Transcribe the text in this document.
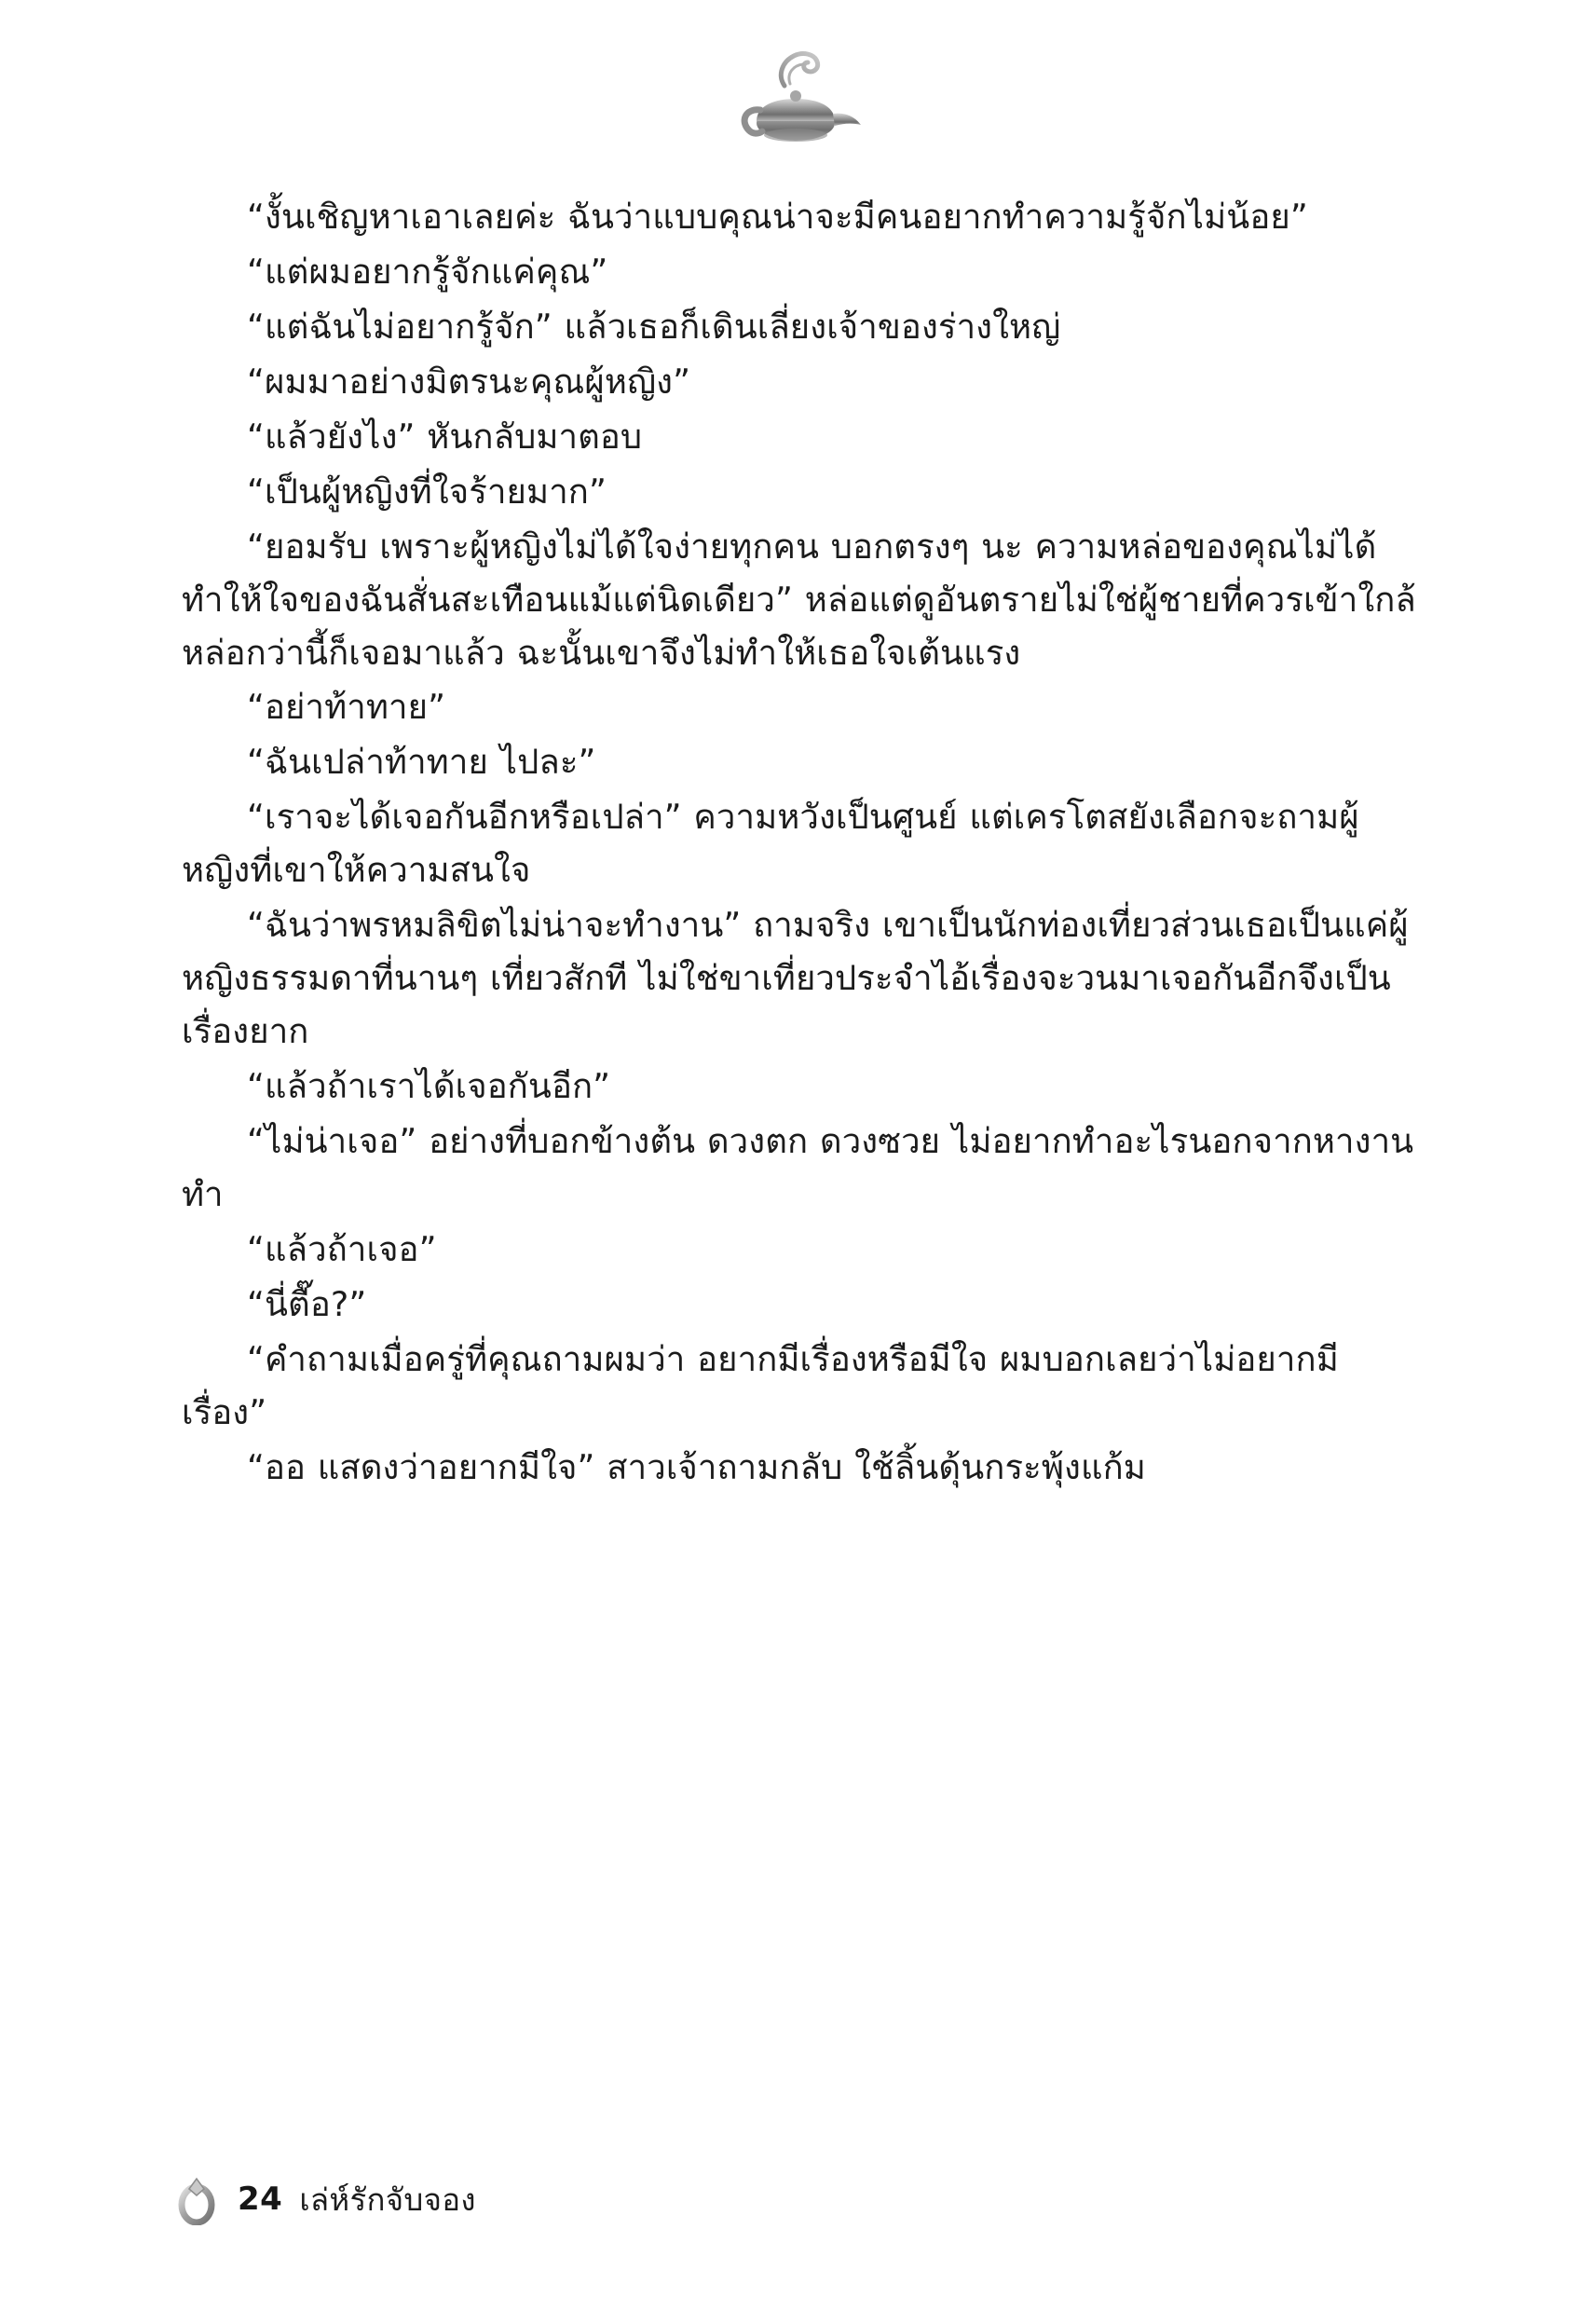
“งั้นเชิญหาเอาเลยค่ะ ฉันว่าแบบคุณน่าจะมีคนอยากทำความรู้จักไม่น้อย”

“แต่ผมอยากรู้จักแค่คุณ”

“แต่ฉันไม่อยากรู้จัก” แล้วเธอก็เดินเลี่ยงเจ้าของร่างใหญ่

“ผมมาอย่างมิตรนะคุณผู้หญิง”

“แล้วยังไง” หันกลับมาตอบ

“เป็นผู้หญิงที่ใจร้ายมาก”

“ยอมรับ เพราะผู้หญิงไม่ได้ใจง่ายทุกคน บอกตรงๆ นะ ความหล่อของคุณไม่ได้ทำให้ใจของฉันสั่นสะเทือนแม้แต่นิดเดียว” หล่อแต่ดูอันตรายไม่ใช่ผู้ชายที่ควรเข้าใกล้ หล่อกว่านี้ก็เจอมาแล้ว ฉะนั้นเขาจึงไม่ทำให้เธอใจเต้นแรง

“อย่าท้าทาย”

“ฉันเปล่าท้าทาย ไปละ”

“เราจะได้เจอกันอีกหรือเปล่า” ความหวังเป็นศูนย์ แต่เครโตสยังเลือกจะถามผู้หญิงที่เขาให้ความสนใจ

“ฉันว่าพรหมลิขิตไม่น่าจะทำงาน” ถามจริง เขาเป็นนักท่องเที่ยวส่วนเธอเป็นแค่ผู้หญิงธรรมดาที่นานๆ เที่ยวสักที ไม่ใช่ขาเที่ยวประจำไอ้เรื่องจะวนมาเจอกันอีกจึงเป็นเรื่องยาก

“แล้วถ้าเราได้เจอกันอีก”

“ไม่น่าเจอ” อย่างที่บอกข้างต้น ดวงตก ดวงซวย ไม่อยากทำอะไรนอกจากหางานทำ

“แล้วถ้าเจอ”

“นี่ตื๊อ?”

“คำถามเมื่อครู่ที่คุณถามผมว่า อยากมีเรื่องหรือมีใจ ผมบอกเลยว่าไม่อยากมีเรื่อง”

“ออ แสดงว่าอยากมีใจ” สาวเจ้าถามกลับ ใช้ลิ้นดุ้นกระพุ้งแก้ม

24 เล่ห์รักจับจอง
